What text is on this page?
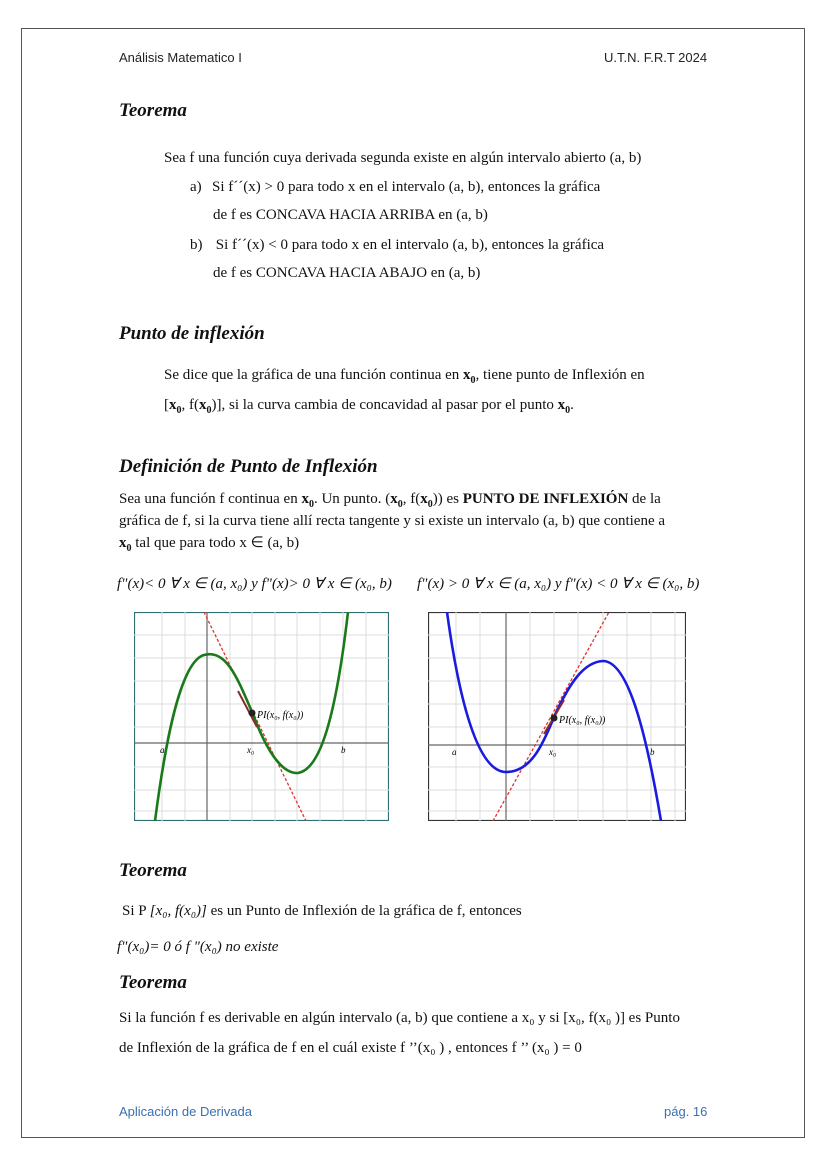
Análisis Matematico I	U.T.N. F.R.T 2024
Teorema
Sea f una función cuya derivada segunda existe en algún intervalo abierto (a, b)
a) Si f´´(x) > 0 para todo x en el intervalo (a, b), entonces la gráfica
de f es CONCAVA HACIA ARRIBA en (a, b)
b) Si f´´(x) < 0 para todo x en el intervalo (a, b), entonces la gráfica
de f es CONCAVA HACIA ABAJO en (a, b)
Punto de inflexión
Se dice que la gráfica de una función continua en $x_0$, tiene punto de Inflexión en
[$x_0$, $f(x_0)$], si la curva cambia de concavidad al pasar por el punto $x_0$.
Definición de Punto de Inflexión
Sea una función f continua en $x_0$. Un punto. ($x_0$, $f(x_0)$) es PUNTO DE INFLEXIÓN de la
gráfica de f, si la curva tiene allí recta tangente y si existe un intervalo (a, b) que contiene a
$x_0$ tal que para todo x ∈ (a, b)
f"(x)< 0 ∀ x ∈ (a, x₀) y f"(x)> 0 ∀ x ∈ (x₀, b) f"(x) > 0 ∀ x ∈ (a, x₀) y f"(x) < 0 ∀ x ∈ (x₀, b)
PI(x₀, f(x₀))
a	x₀	b
PI(x₀, f(x₀))
a	x₀	b
Teorema
Si P [x₀, f(x₀)] es un Punto de Inflexión de la gráfica de f, entonces
f"(x₀)= 0 ó f "(x₀) no existe
Teorema
Si la función f es derivable en algún intervalo (a, b) que contiene a x₀ y si [x₀, f(x₀ )] es Punto
de Inflexión de la gráfica de f en el cuál existe f ’’(x₀ ) , entonces f ’’ (x₀ ) = 0
Aplicación de Derivada	pág. 16
